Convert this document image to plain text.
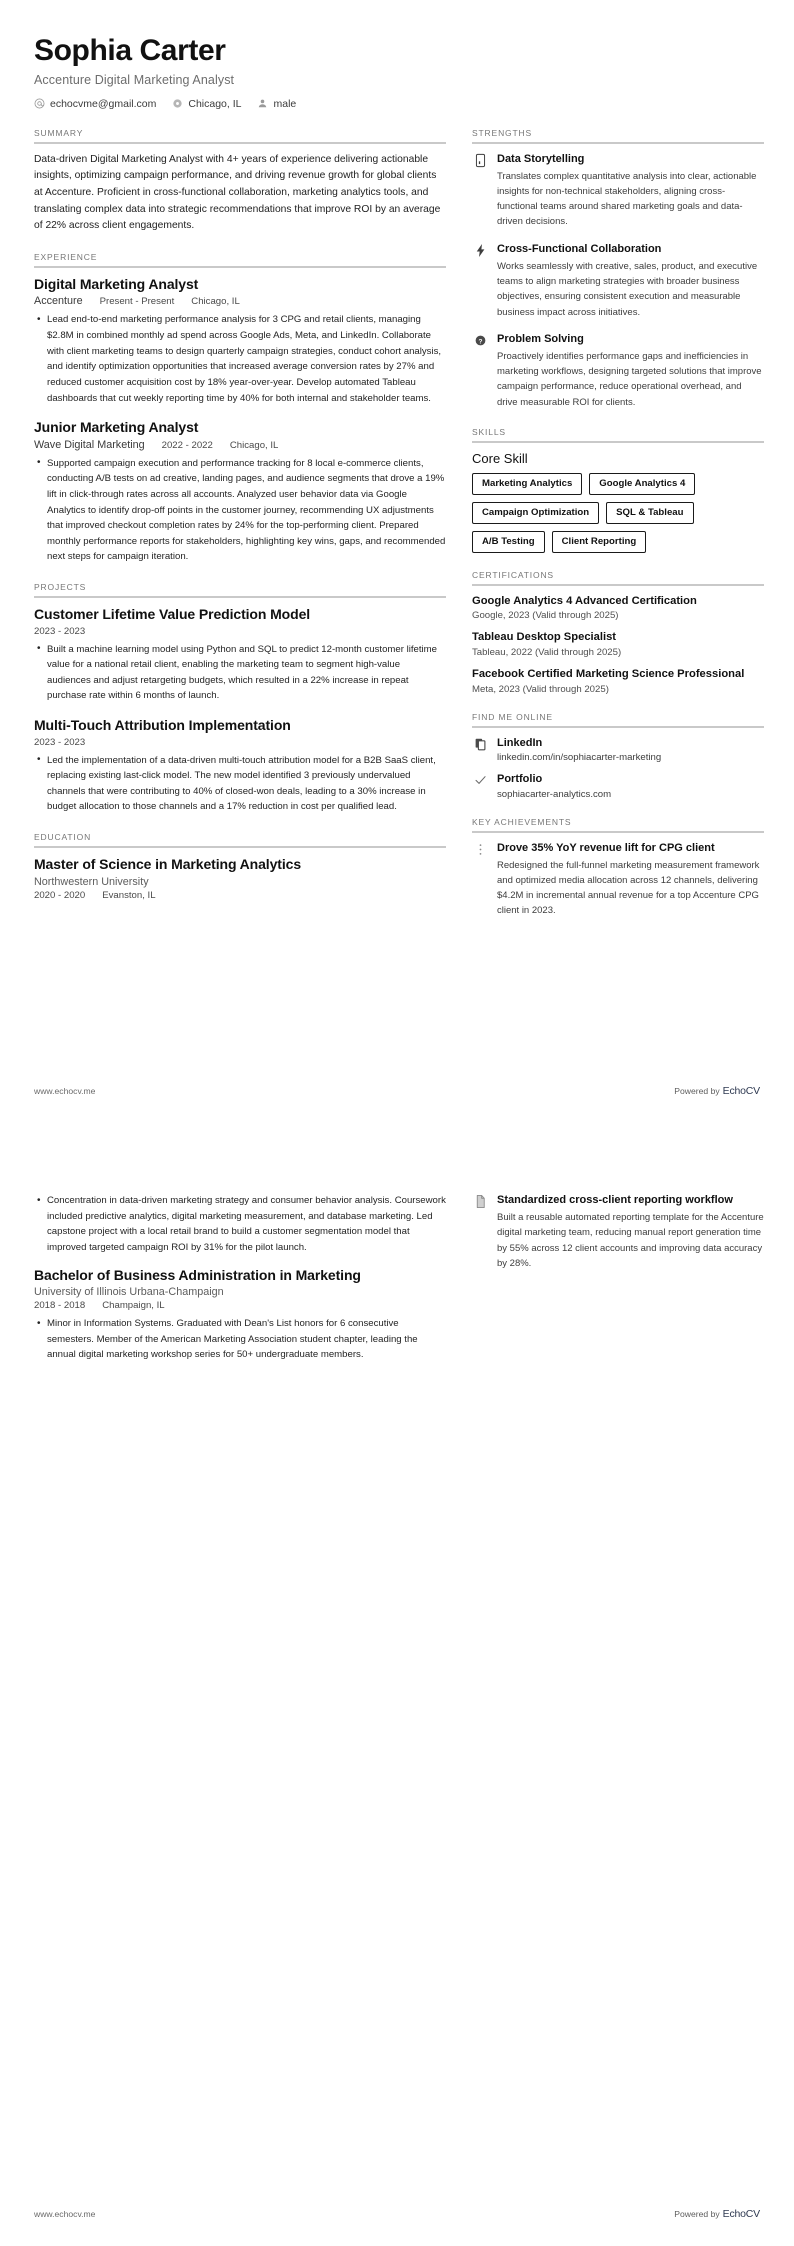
Sophia Carter
Accenture Digital Marketing Analyst
echocvme@gmail.com	Chicago, IL	male
SUMMARY
Data-driven Digital Marketing Analyst with 4+ years of experience delivering actionable insights, optimizing campaign performance, and driving revenue growth for global clients at Accenture. Proficient in cross-functional collaboration, marketing analytics tools, and translating complex data into strategic recommendations that improve ROI by an average of 22% across client engagements.
EXPERIENCE
Digital Marketing Analyst
Accenture Present - Present Chicago, IL
• Lead end-to-end marketing performance analysis for 3 CPG and retail clients, managing $2.8M in combined monthly ad spend across Google Ads, Meta, and LinkedIn. Collaborate with client marketing teams to design quarterly campaign strategies, conduct cohort analysis, and identify optimization opportunities that increased average conversion rates by 27% and reduced customer acquisition cost by 18% year-over-year. Develop automated Tableau dashboards that cut weekly reporting time by 40% for both internal and stakeholder teams.
Junior Marketing Analyst
Wave Digital Marketing 2022 - 2022 Chicago, IL
• Supported campaign execution and performance tracking for 8 local e-commerce clients, conducting A/B tests on ad creative, landing pages, and audience segments that drove a 19% lift in click-through rates across all accounts. Analyzed user behavior data via Google Analytics to identify drop-off points in the customer journey, recommending UX adjustments that improved checkout completion rates by 24% for the top-performing client. Prepared monthly performance reports for stakeholders, highlighting key wins, gaps, and recommended next steps for campaign iteration.
PROJECTS
Customer Lifetime Value Prediction Model
2023 - 2023
• Built a machine learning model using Python and SQL to predict 12-month customer lifetime value for a national retail client, enabling the marketing team to segment high-value audiences and adjust retargeting budgets, which resulted in a 22% increase in repeat purchase rate within 6 months of launch.
Multi-Touch Attribution Implementation
2023 - 2023
• Led the implementation of a data-driven multi-touch attribution model for a B2B SaaS client, replacing existing last-click model. The new model identified 3 previously undervalued channels that were contributing to 40% of closed-won deals, leading to a 30% increase in budget allocation to those channels and a 17% reduction in cost per qualified lead.
EDUCATION
Master of Science in Marketing Analytics
Northwestern University
2020 - 2020 Evanston, IL
STRENGTHS
Data Storytelling
Translates complex quantitative analysis into clear, actionable insights for non-technical stakeholders, aligning cross-functional teams around shared marketing goals and data-driven decisions.
Cross-Functional Collaboration
Works seamlessly with creative, sales, product, and executive teams to align marketing strategies with broader business objectives, ensuring consistent execution and measurable business impact across initiatives.
? Problem Solving
Proactively identifies performance gaps and inefficiencies in marketing workflows, designing targeted solutions that improve campaign performance, reduce operational overhead, and drive measurable ROI for clients.
SKILLS
Core Skill
Marketing Analytics	Google Analytics 4
Campaign Optimization	SQL & Tableau
A/B Testing	Client Reporting
CERTIFICATIONS
Google Analytics 4 Advanced Certification
Google, 2023 (Valid through 2025)
Tableau Desktop Specialist
Tableau, 2022 (Valid through 2025)
Facebook Certified Marketing Science Professional
Meta, 2023 (Valid through 2025)
FIND ME ONLINE
LinkedIn
linkedin.com/in/sophiacarter-marketing
Portfolio
sophiacarter-analytics.com
KEY ACHIEVEMENTS
Drove 35% YoY revenue lift for CPG client
Redesigned the full-funnel marketing measurement framework and optimized media allocation across 12 channels, delivering $4.2M in incremental annual revenue for a top Accenture CPG client in 2023.
www.echocv.me	Powered by EchoCV
• Concentration in data-driven marketing strategy and consumer behavior analysis. Coursework included predictive analytics, digital marketing measurement, and database marketing. Led capstone project with a local retail brand to build a customer segmentation model that improved targeted campaign ROI by 31% for the pilot launch.
Bachelor of Business Administration in Marketing
University of Illinois Urbana-Champaign
2018 - 2018 Champaign, IL
• Minor in Information Systems. Graduated with Dean's List honors for 6 consecutive semesters. Member of the American Marketing Association student chapter, leading the annual digital marketing workshop series for 50+ undergraduate members.
Standardized cross-client reporting workflow
Built a reusable automated reporting template for the Accenture digital marketing team, reducing manual report generation time by 55% across 12 client accounts and improving data accuracy by 28%.
www.echocv.me	Powered by EchoCV
